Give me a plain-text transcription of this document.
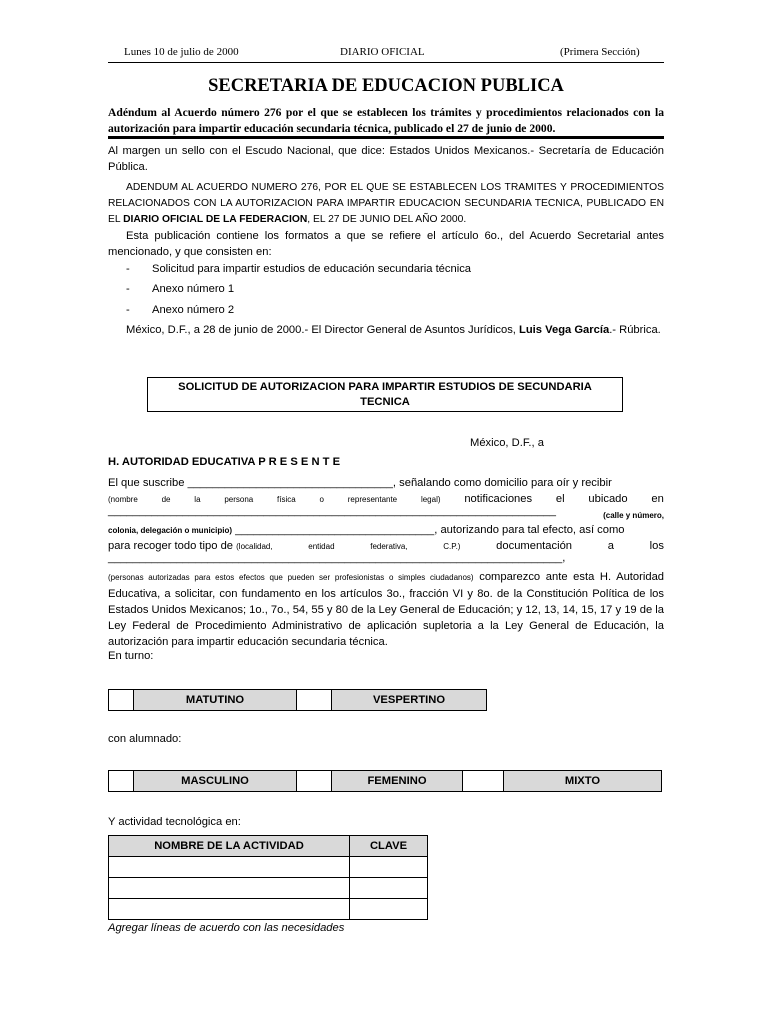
Lunes 10 de julio de 2000	DIARIO OFICIAL	(Primera Sección)
SECRETARIA DE EDUCACION PUBLICA
Adéndum al Acuerdo número 276 por el que se establecen los trámites y procedimientos relacionados con la autorización para impartir educación secundaria técnica, publicado el 27 de junio de 2000.

Al margen un sello con el Escudo Nacional, que dice: Estados Unidos Mexicanos.- Secretaría de Educación Pública.

ADENDUM AL ACUERDO NUMERO 276, POR EL QUE SE ESTABLECEN LOS TRAMITES Y PROCEDIMIENTOS RELACIONADOS CON LA AUTORIZACION PARA IMPARTIR EDUCACION SECUNDARIA TECNICA, PUBLICADO EN EL DIARIO OFICIAL DE LA FEDERACION, EL 27 DE JUNIO DEL AÑO 2000.

Esta publicación contiene los formatos a que se refiere el artículo 6o., del Acuerdo Secretarial antes mencionado, y que consisten en:

- Solicitud para impartir estudios de educación secundaria técnica
- Anexo número 1
- Anexo número 2

México, D.F., a 28 de junio de 2000.- El Director General de Asuntos Jurídicos, Luis Vega García.- Rúbrica.

SOLICITUD DE AUTORIZACION PARA IMPARTIR ESTUDIOS DE SECUNDARIA
TECNICA
México, D.F., a
H. AUTORIDAD EDUCATIVA P R E S E N T E
El que suscribe _________________________________, señalando como domicilio para oír y recibir
(nombre	de	la	persona	física	o	representante	legal) notificaciones el ubicado en
________________________________________________________________________	(calle y número,
colonia, delegación o municipio) ________________________________, autorizando para tal efecto, así como
para recoger todo tipo de (localidad,	entidad	federativa,	C.P.)	documentación	a	los
_________________________________________________________________________,

(personas autorizadas para estos efectos que pueden ser profesionistas o simples ciudadanos) comparezco ante esta H. Autoridad Educativa, a solicitar, con fundamento en los artículos 3o., fracción VI y 8o. de la Constitución Política de los Estados Unidos Mexicanos; 1o., 7o., 54, 55 y 80 de la Ley General de Educación; y 12, 13, 14, 15, 17 y 19 de la Ley Federal de Procedimiento Administrativo de aplicación supletoria a la Ley General de Educación, la autorización para impartir educación secundaria técnica.

En turno:
	MATUTINO		VESPERTINO
con alumnado:
	MASCULINO		FEMENINO		MIXTO
Y actividad tecnológica en:
NOMBRE DE LA ACTIVIDAD	CLAVE

Agregar líneas de acuerdo con las necesidades
